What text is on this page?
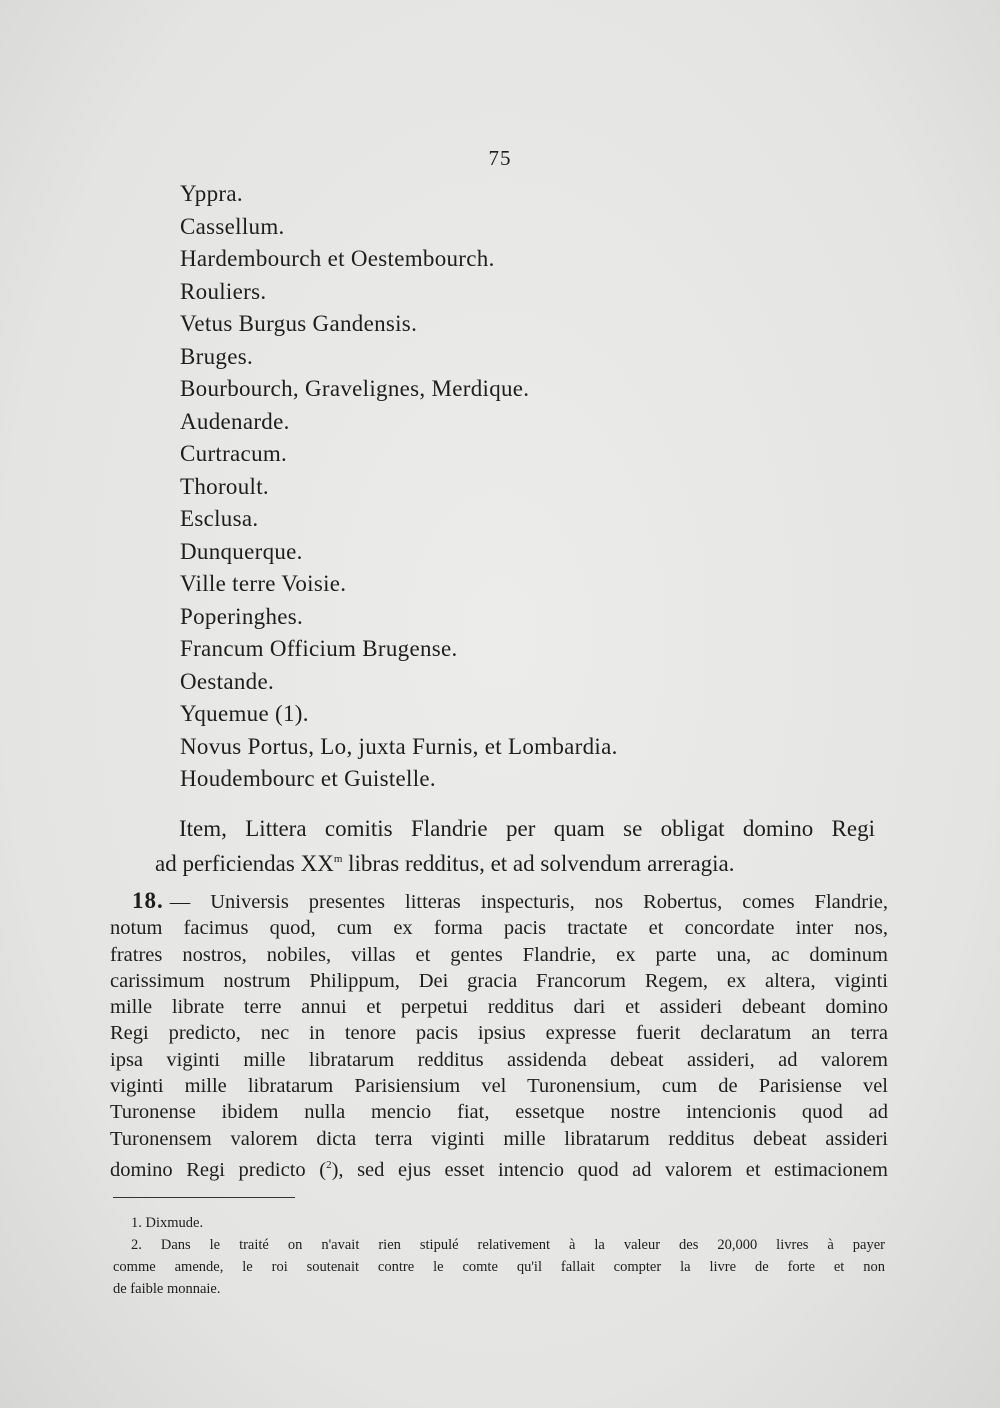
75
Yppra.
Cassellum.
Hardembourch et Oestembourch.
Rouliers.
Vetus Burgus Gandensis.
Bruges.
Bourbourch, Gravelignes, Merdique.
Audenarde.
Curtracum.
Thoroult.
Esclusa.
Dunquerque.
Ville terre Voisie.
Poperinghes.
Francum Officium Brugense.
Oestande.
Yquemue (1).
Novus Portus, Lo, juxta Furnis, et Lombardia.
Houdembourc et Guistelle.
Item, Littera comitis Flandrie per quam se obligat domino Regi
ad perficiendas $XX^m$ libras redditus, et ad solvendum arreragia.
18. — Universis presentes litteras inspecturis, nos Robertus, comes Flandrie,
notum facimus quod, cum ex forma pacis tractate et concordate inter nos,
fratres nostros, nobiles, villas et gentes Flandrie, ex parte una, ac dominum
carissimum nostrum Philippum, Dei gracia Francorum Regem, ex altera, viginti
mille librate terre annui et perpetui redditus dari et assideri debeant domino
Regi predicto, nec in tenore pacis ipsius expresse fuerit declaratum an terra
ipsa viginti mille libratarum redditus assidenda debeat assideri, ad valorem
viginti mille libratarum Parisiensium vel Turonensium, cum de Parisiense vel
Turonense ibidem nulla mencio fiat, essetque nostre intencionis quod ad
Turonensem valorem dicta terra viginti mille libratarum redditus debeat assideri
domino Regi predicto ($^2$), sed ejus esset intencio quod ad valorem et estimacionem
1. Dixmude.
2. Dans le traité on n'avait rien stipulé relativement à la valeur des 20,000 livres à payer
comme amende, le roi soutenait contre le comte qu'il fallait compter la livre de forte et non
de faible monnaie.
